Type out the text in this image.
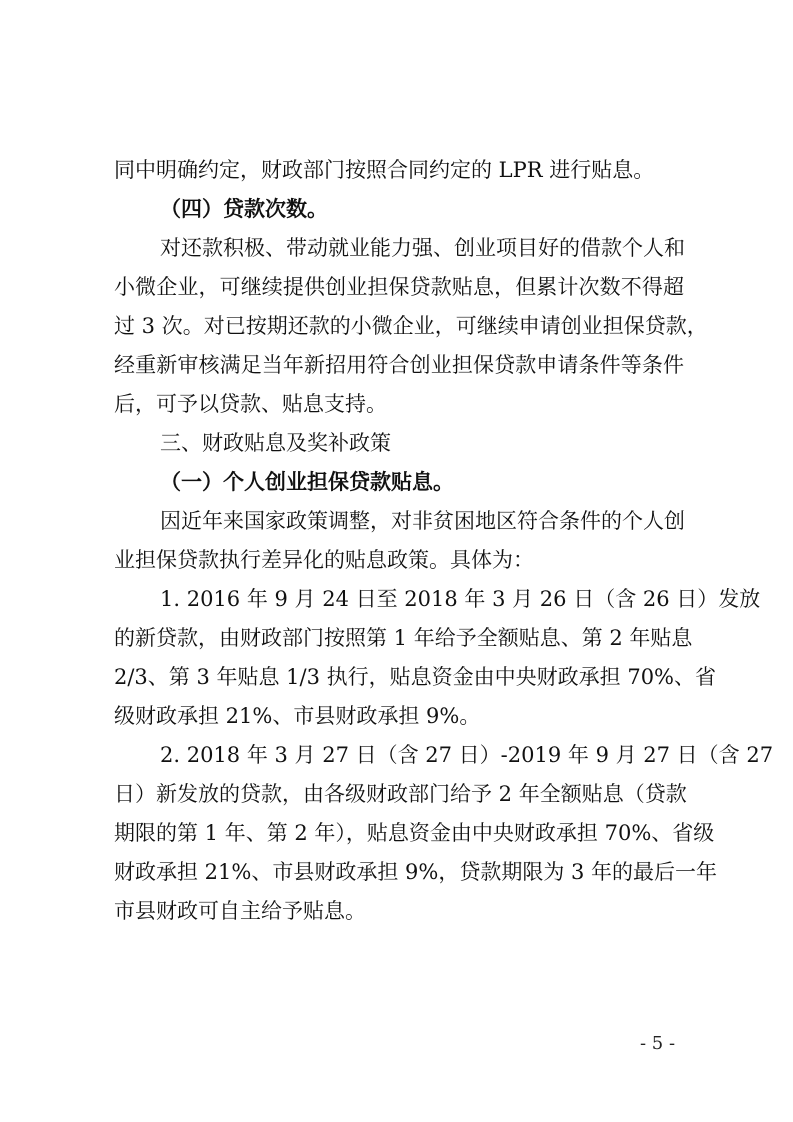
同中明确约定，财政部门按照合同约定的 LPR 进行贴息。

（四）贷款次数。

对还款积极、带动就业能力强、创业项目好的借款个人和

小微企业，可继续提供创业担保贷款贴息，但累计次数不得超

过 3 次。对已按期还款的小微企业，可继续申请创业担保贷款，

经重新审核满足当年新招用符合创业担保贷款申请条件等条件

后，可予以贷款、贴息支持。

三、财政贴息及奖补政策

（一）个人创业担保贷款贴息。

因近年来国家政策调整，对非贫困地区符合条件的个人创

业担保贷款执行差异化的贴息政策。具体为：

1. 2016 年 9 月 24 日至 2018 年 3 月 26 日（含 26 日）发放

的新贷款，由财政部门按照第 1 年给予全额贴息、第 2 年贴息

2/3、第 3 年贴息 1/3 执行，贴息资金由中央财政承担 70%、省

级财政承担 21%、市县财政承担 9%。

2. 2018 年 3 月 27 日（含 27 日）-2019 年 9 月 27 日（含 27

日）新发放的贷款，由各级财政部门给予 2 年全额贴息（贷款

期限的第 1 年、第 2 年），贴息资金由中央财政承担 70%、省级

财政承担 21%、市县财政承担 9%，贷款期限为 3 年的最后一年

市县财政可自主给予贴息。

- 5 -
